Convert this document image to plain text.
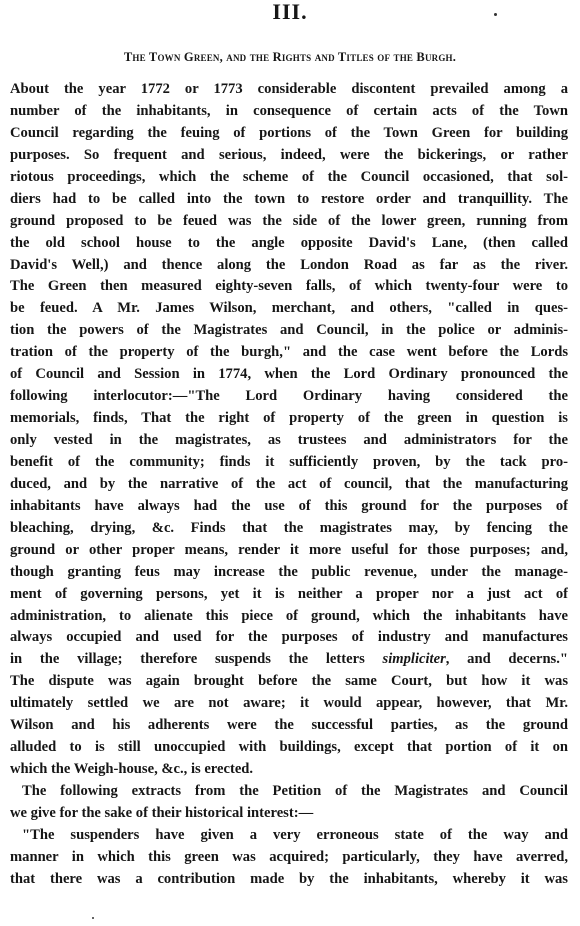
III.
The Town Green, and the Rights and Titles of the Burgh.
About the year 1772 or 1773 considerable discontent prevailed among a
number of the inhabitants, in consequence of certain acts of the Town
Council regarding the feuing of portions of the Town Green for building
purposes. So frequent and serious, indeed, were the bickerings, or rather
riotous proceedings, which the scheme of the Council occasioned, that sol-
diers had to be called into the town to restore order and tranquillity. The
ground proposed to be feued was the side of the lower green, running from
the old school house to the angle opposite David's Lane, (then called
David's Well,) and thence along the London Road as far as the river.
The Green then measured eighty-seven falls, of which twenty-four were to
be feued. A Mr. James Wilson, merchant, and others, "called in ques-
tion the powers of the Magistrates and Council, in the police or adminis-
tration of the property of the burgh," and the case went before the Lords
of Council and Session in 1774, when the Lord Ordinary pronounced the
following interlocutor:—"The Lord Ordinary having considered the
memorials, finds, That the right of property of the green in question is
only vested in the magistrates, as trustees and administrators for the
benefit of the community; finds it sufficiently proven, by the tack pro-
duced, and by the narrative of the act of council, that the manufacturing
inhabitants have always had the use of this ground for the purposes of
bleaching, drying, &c. Finds that the magistrates may, by fencing the
ground or other proper means, render it more useful for those purposes; and,
though granting feus may increase the public revenue, under the manage-
ment of governing persons, yet it is neither a proper nor a just act of
administration, to alienate this piece of ground, which the inhabitants have
always occupied and used for the purposes of industry and manufactures
in the village; therefore suspends the letters simpliciter, and decerns."
The dispute was again brought before the same Court, but how it was
ultimately settled we are not aware; it would appear, however, that Mr.
Wilson and his adherents were the successful parties, as the ground
alluded to is still unoccupied with buildings, except that portion of it on
which the Weigh-house, &c., is erected.
The following extracts from the Petition of the Magistrates and Council
we give for the sake of their historical interest:—
"The suspenders have given a very erroneous state of the way and
manner in which this green was acquired; particularly, they have averred,
that there was a contribution made by the inhabitants, whereby it was
